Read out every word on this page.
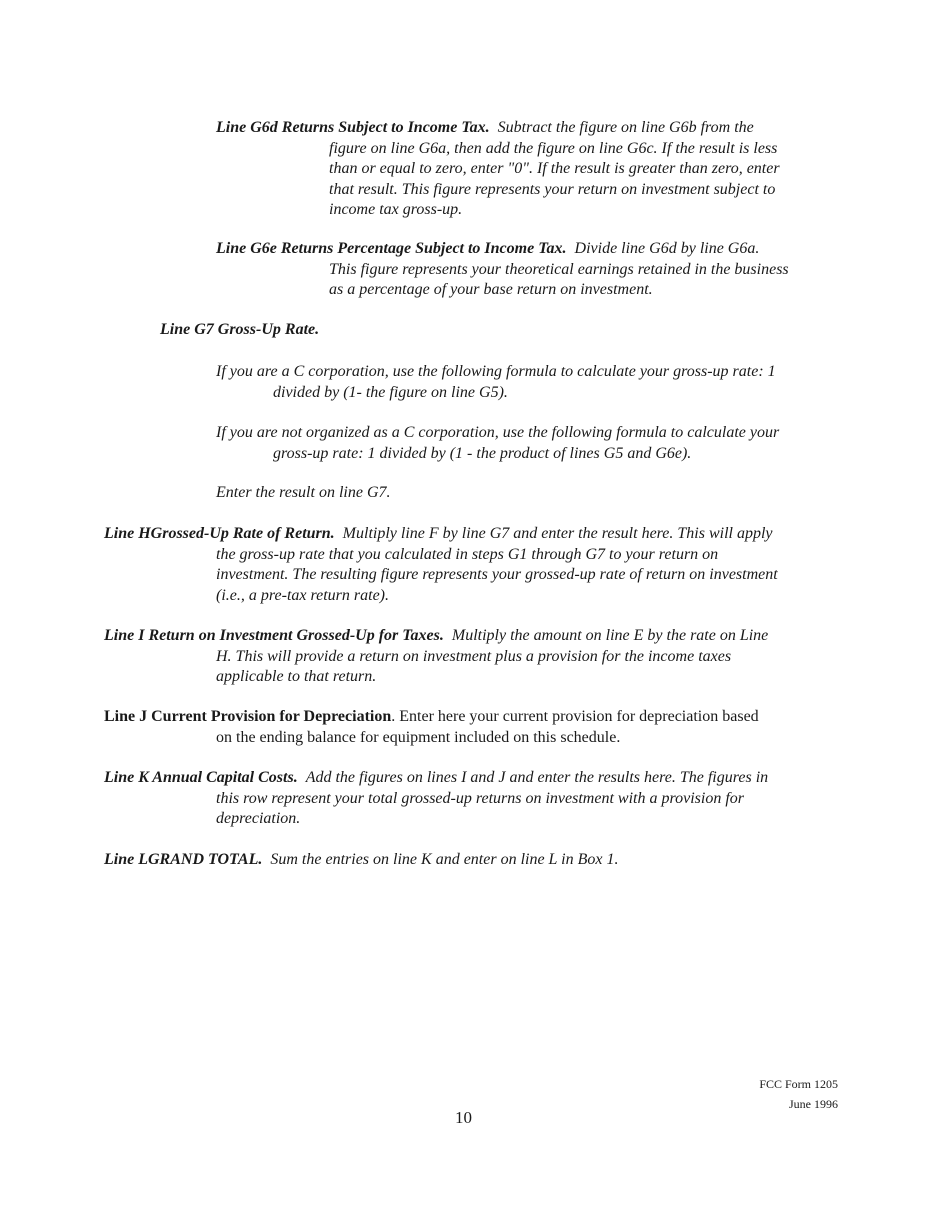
Line G6d Returns Subject to Income Tax. Subtract the figure on line G6b from the
figure on line G6a, then add the figure on line G6c. If the result is less
than or equal to zero, enter "0". If the result is greater than zero, enter
that result. This figure represents your return on investment subject to
income tax gross-up.
Line G6e Returns Percentage Subject to Income Tax. Divide line G6d by line G6a.
This figure represents your theoretical earnings retained in the business
as a percentage of your base return on investment.
Line G7 Gross-Up Rate.
If you are a C corporation, use the following formula to calculate your gross-up rate: 1
divided by (1- the figure on line G5).
If you are not organized as a C corporation, use the following formula to calculate your
gross-up rate: 1 divided by (1 - the product of lines G5 and G6e).
Enter the result on line G7.
Line HGrossed-Up Rate of Return. Multiply line F by line G7 and enter the result here. This will apply
the gross-up rate that you calculated in steps G1 through G7 to your return on
investment. The resulting figure represents your grossed-up rate of return on investment
(i.e., a pre-tax return rate).
Line I Return on Investment Grossed-Up for Taxes. Multiply the amount on line E by the rate on Line
H. This will provide a return on investment plus a provision for the income taxes
applicable to that return.
Line J Current Provision for Depreciation. Enter here your current provision for depreciation based
on the ending balance for equipment included on this schedule.
Line K Annual Capital Costs. Add the figures on lines I and J and enter the results here. The figures in
this row represent your total grossed-up returns on investment with a provision for
depreciation.
Line LGRAND TOTAL. Sum the entries on line K and enter on line L in Box 1.
FCC Form 1205
June 1996
10
